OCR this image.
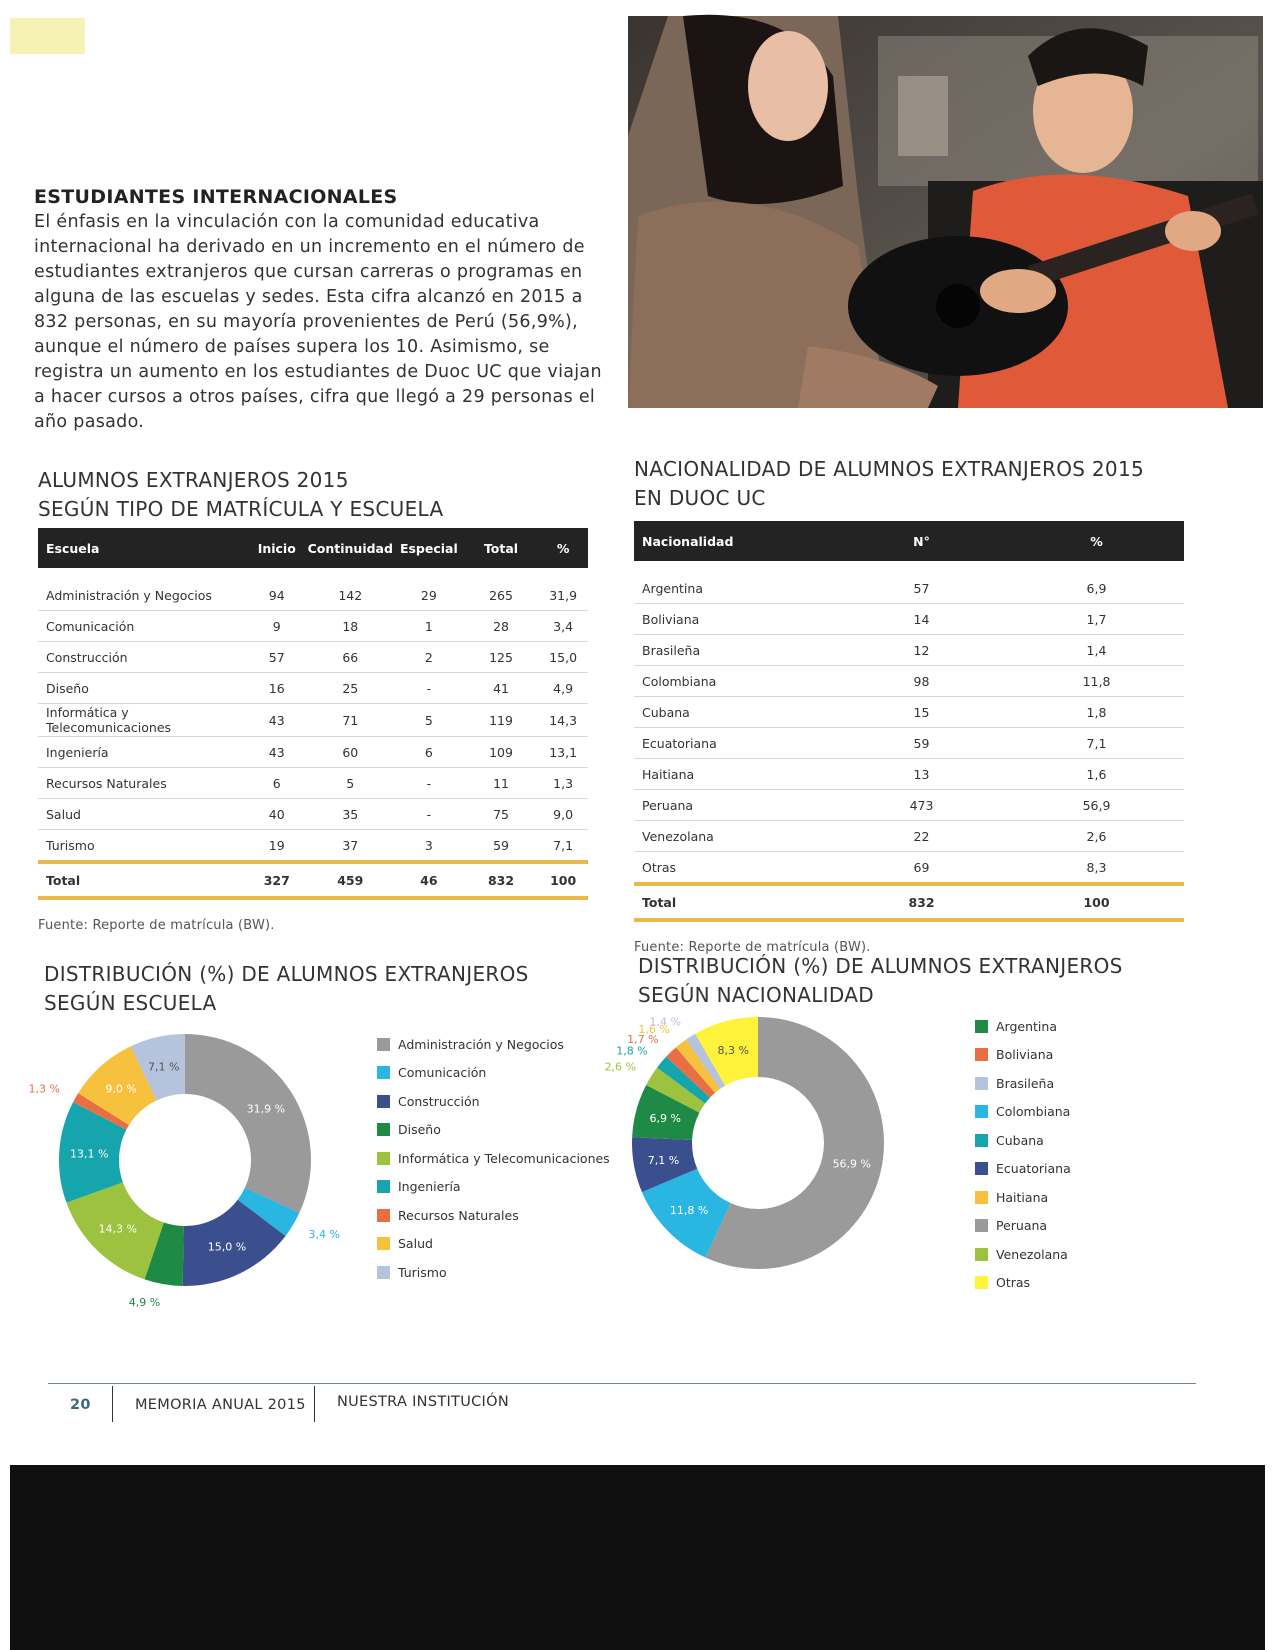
ESTUDIANTES INTERNACIONALES
El énfasis en la vinculación con la comunidad educativa
internacional ha derivado en un incremento en el número de
estudiantes extranjeros que cursan carreras o programas en
alguna de las escuelas y sedes. Esta cifra alcanzó en 2015 a
832 personas, en su mayoría provenientes de Perú (56,9%),
aunque el número de países supera los 10. Asimismo, se
registra un aumento en los estudiantes de Duoc UC que viajan
a hacer cursos a otros países, cifra que llegó a 29 personas el
año pasado.
ALUMNOS EXTRANJEROS 2015
SEGÚN TIPO DE MATRÍCULA Y ESCUELA
Escuela	Inicio	Continuidad	Especial	Total	%

Administración y Negocios	94	142	29	265	31,9
Comunicación	9	18	1	28	3,4
Construcción	57	66	2	125	15,0
Diseño	16	25	-	41	4,9
Informática y Telecomunicaciones	43	71	5	119	14,3
Ingeniería	43	60	6	109	13,1
Recursos Naturales	6	5	-	11	1,3
Salud	40	35	-	75	9,0
Turismo	19	37	3	59	7,1
Total	327	459	46	832	100
Fuente: Reporte de matrícula (BW).
NACIONALIDAD DE ALUMNOS EXTRANJEROS 2015
EN DUOC UC
Nacionalidad	N°	%

Argentina	57	6,9
Boliviana	14	1,7
Brasileña	12	1,4
Colombiana	98	11,8
Cubana	15	1,8
Ecuatoriana	59	7,1
Haitiana	13	1,6
Peruana	473	56,9
Venezolana	22	2,6
Otras	69	8,3
Total	832	100
Fuente: Reporte de matrícula (BW).
DISTRIBUCIÓN (%) DE ALUMNOS EXTRANJEROS
SEGÚN ESCUELA
31,9 %
3,4 %
15,0 %
4,9 %
14,3 %
13,1 %
1,3 %	9,0 %
7,1 %
Administración y Negocios
Comunicación
Construcción
Diseño
Informática y Telecomunicaciones
Ingeniería
Recursos Naturales
Salud
Turismo
DISTRIBUCIÓN (%) DE ALUMNOS EXTRANJEROS
SEGÚN NACIONALIDAD
56,9 %
11,8 %
7,1 %
6,9 %
2,6 %
1,8 %
1,7 %
1,6 %
1,4 %
8,3 %
Argentina
Boliviana
Brasileña
Colombiana
Cubana
Ecuatoriana
Haitiana
Peruana
Venezolana
Otras
20	MEMORIA ANUAL 2015 NUESTRA INSTITUCIÓN
